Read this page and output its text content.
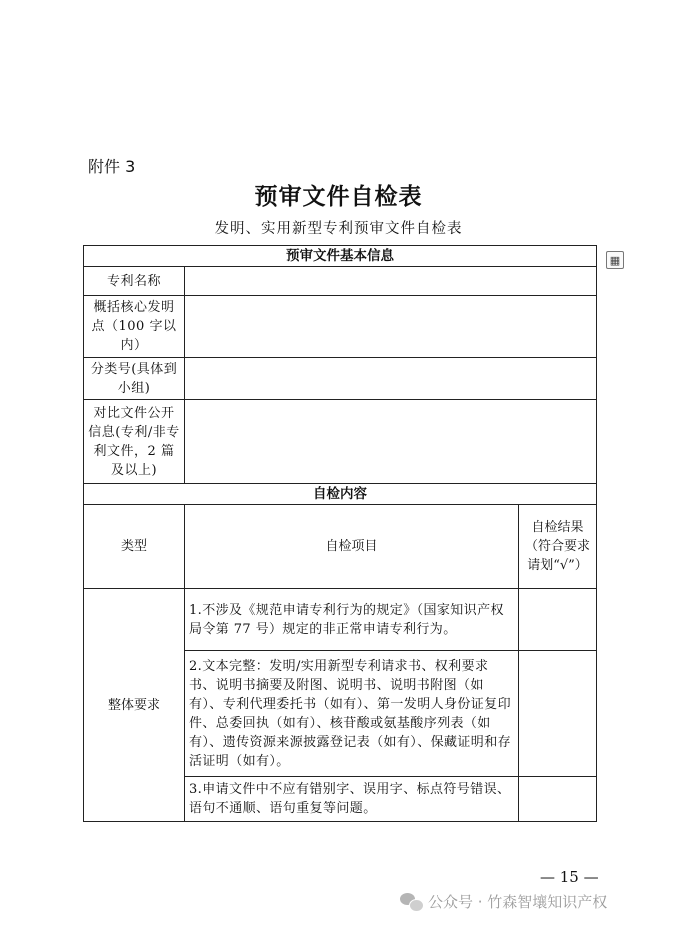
附件 3
预审文件自检表
发明、实用新型专利预审文件自检表
▦
预审文件基本信息		
专利名称		
概括核心发明点（100 字以内）		
分类号(具体到小组)		
对比文件公开信息(专利/非专利文件，2 篇及以上)		
自检内容		
类型	自检项目	自检结果（符合要求请划“√”）
整体要求	1.不涉及《规范申请专利行为的规定》（国家知识产权局令第 77 号）规定的非正常申请专利行为。	
	2.文本完整：发明/实用新型专利请求书、权利要求书、说明书摘要及附图、说明书、说明书附图（如有）、专利代理委托书（如有）、第一发明人身份证复印件、总委回执（如有）、核苷酸或氨基酸序列表（如有）、遗传资源来源披露登记表（如有）、保藏证明和存活证明（如有）。	
	3.申请文件中不应有错别字、误用字、标点符号错误、语句不通顺、语句重复等问题。	
— 15 —
公众号 · 竹森智壤知识产权
